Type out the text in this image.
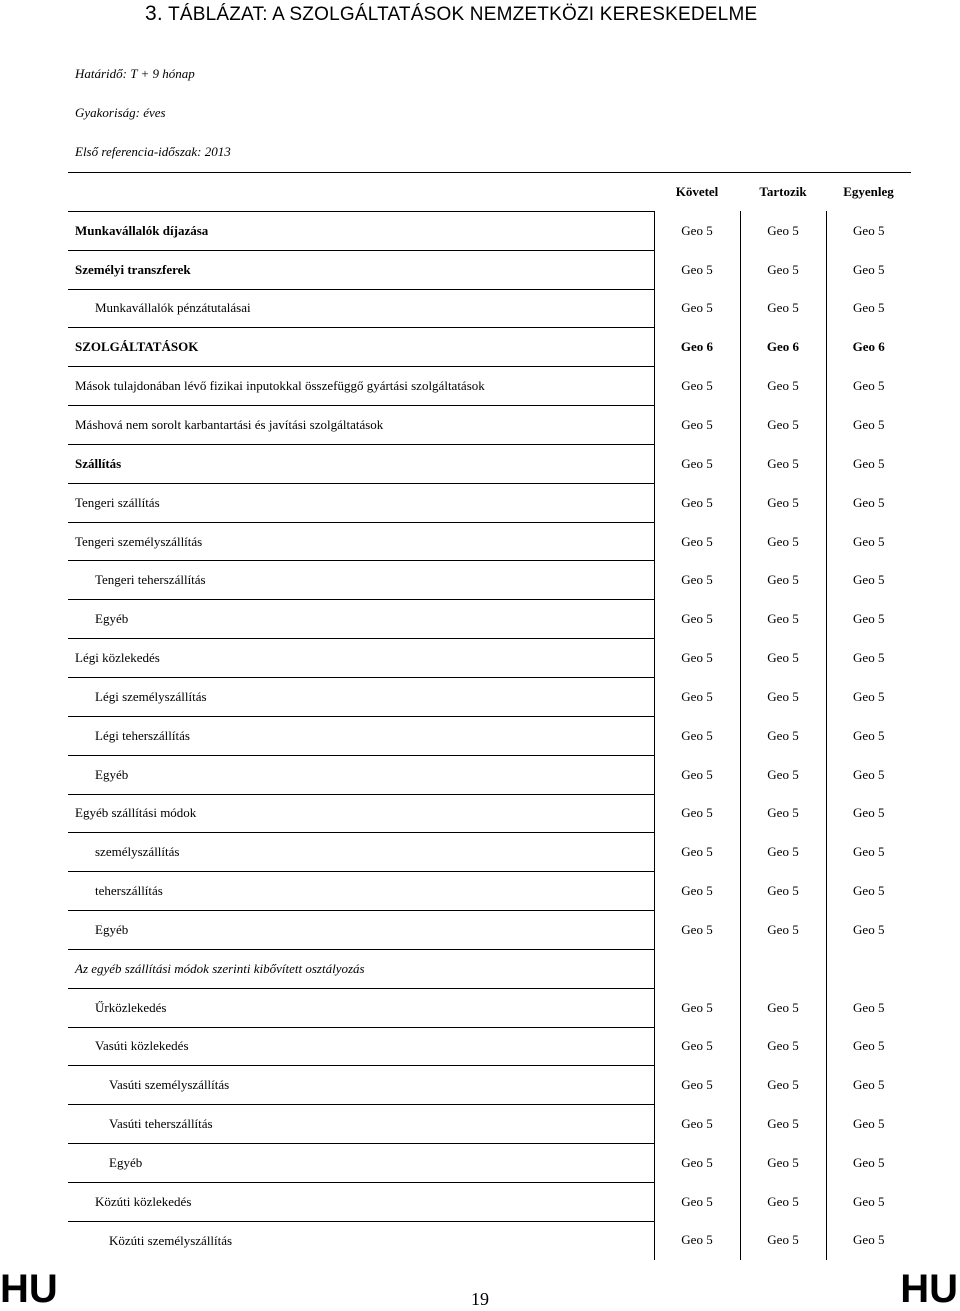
3. TÁBLÁZAT: A SZOLGÁLTATÁSOK NEMZETKÖZI KERESKEDELME
Határidő: T + 9 hónap
Gyakoriság: éves
Első referencia-időszak: 2013
	Követel	Tartozik	Egyenleg
Munkavállalók díjazása	Geo 5	Geo 5	Geo 5
Személyi transzferek	Geo 5	Geo 5	Geo 5
Munkavállalók pénzátutalásai	Geo 5	Geo 5	Geo 5
SZOLGÁLTATÁSOK	Geo 6	Geo 6	Geo 6
Mások tulajdonában lévő fizikai inputokkal összefüggő gyártási szolgáltatások	Geo 5	Geo 5	Geo 5
Máshová nem sorolt karbantartási és javítási szolgáltatások	Geo 5	Geo 5	Geo 5
Szállítás	Geo 5	Geo 5	Geo 5
Tengeri szállítás	Geo 5	Geo 5	Geo 5
Tengeri személyszállítás	Geo 5	Geo 5	Geo 5
Tengeri teherszállítás	Geo 5	Geo 5	Geo 5
Egyéb	Geo 5	Geo 5	Geo 5
Légi közlekedés	Geo 5	Geo 5	Geo 5
Légi személyszállítás	Geo 5	Geo 5	Geo 5
Légi teherszállítás	Geo 5	Geo 5	Geo 5
Egyéb	Geo 5	Geo 5	Geo 5
Egyéb szállítási módok	Geo 5	Geo 5	Geo 5
személyszállítás	Geo 5	Geo 5	Geo 5
teherszállítás	Geo 5	Geo 5	Geo 5
Egyéb	Geo 5	Geo 5	Geo 5
Az egyéb szállítási módok szerinti kibővített osztályozás			
Űrközlekedés	Geo 5	Geo 5	Geo 5
Vasúti közlekedés	Geo 5	Geo 5	Geo 5
Vasúti személyszállítás	Geo 5	Geo 5	Geo 5
Vasúti teherszállítás	Geo 5	Geo 5	Geo 5
Egyéb	Geo 5	Geo 5	Geo 5
Közúti közlekedés	Geo 5	Geo 5	Geo 5
Közúti személyszállítás	Geo 5	Geo 5	Geo 5
HU	19	HU
